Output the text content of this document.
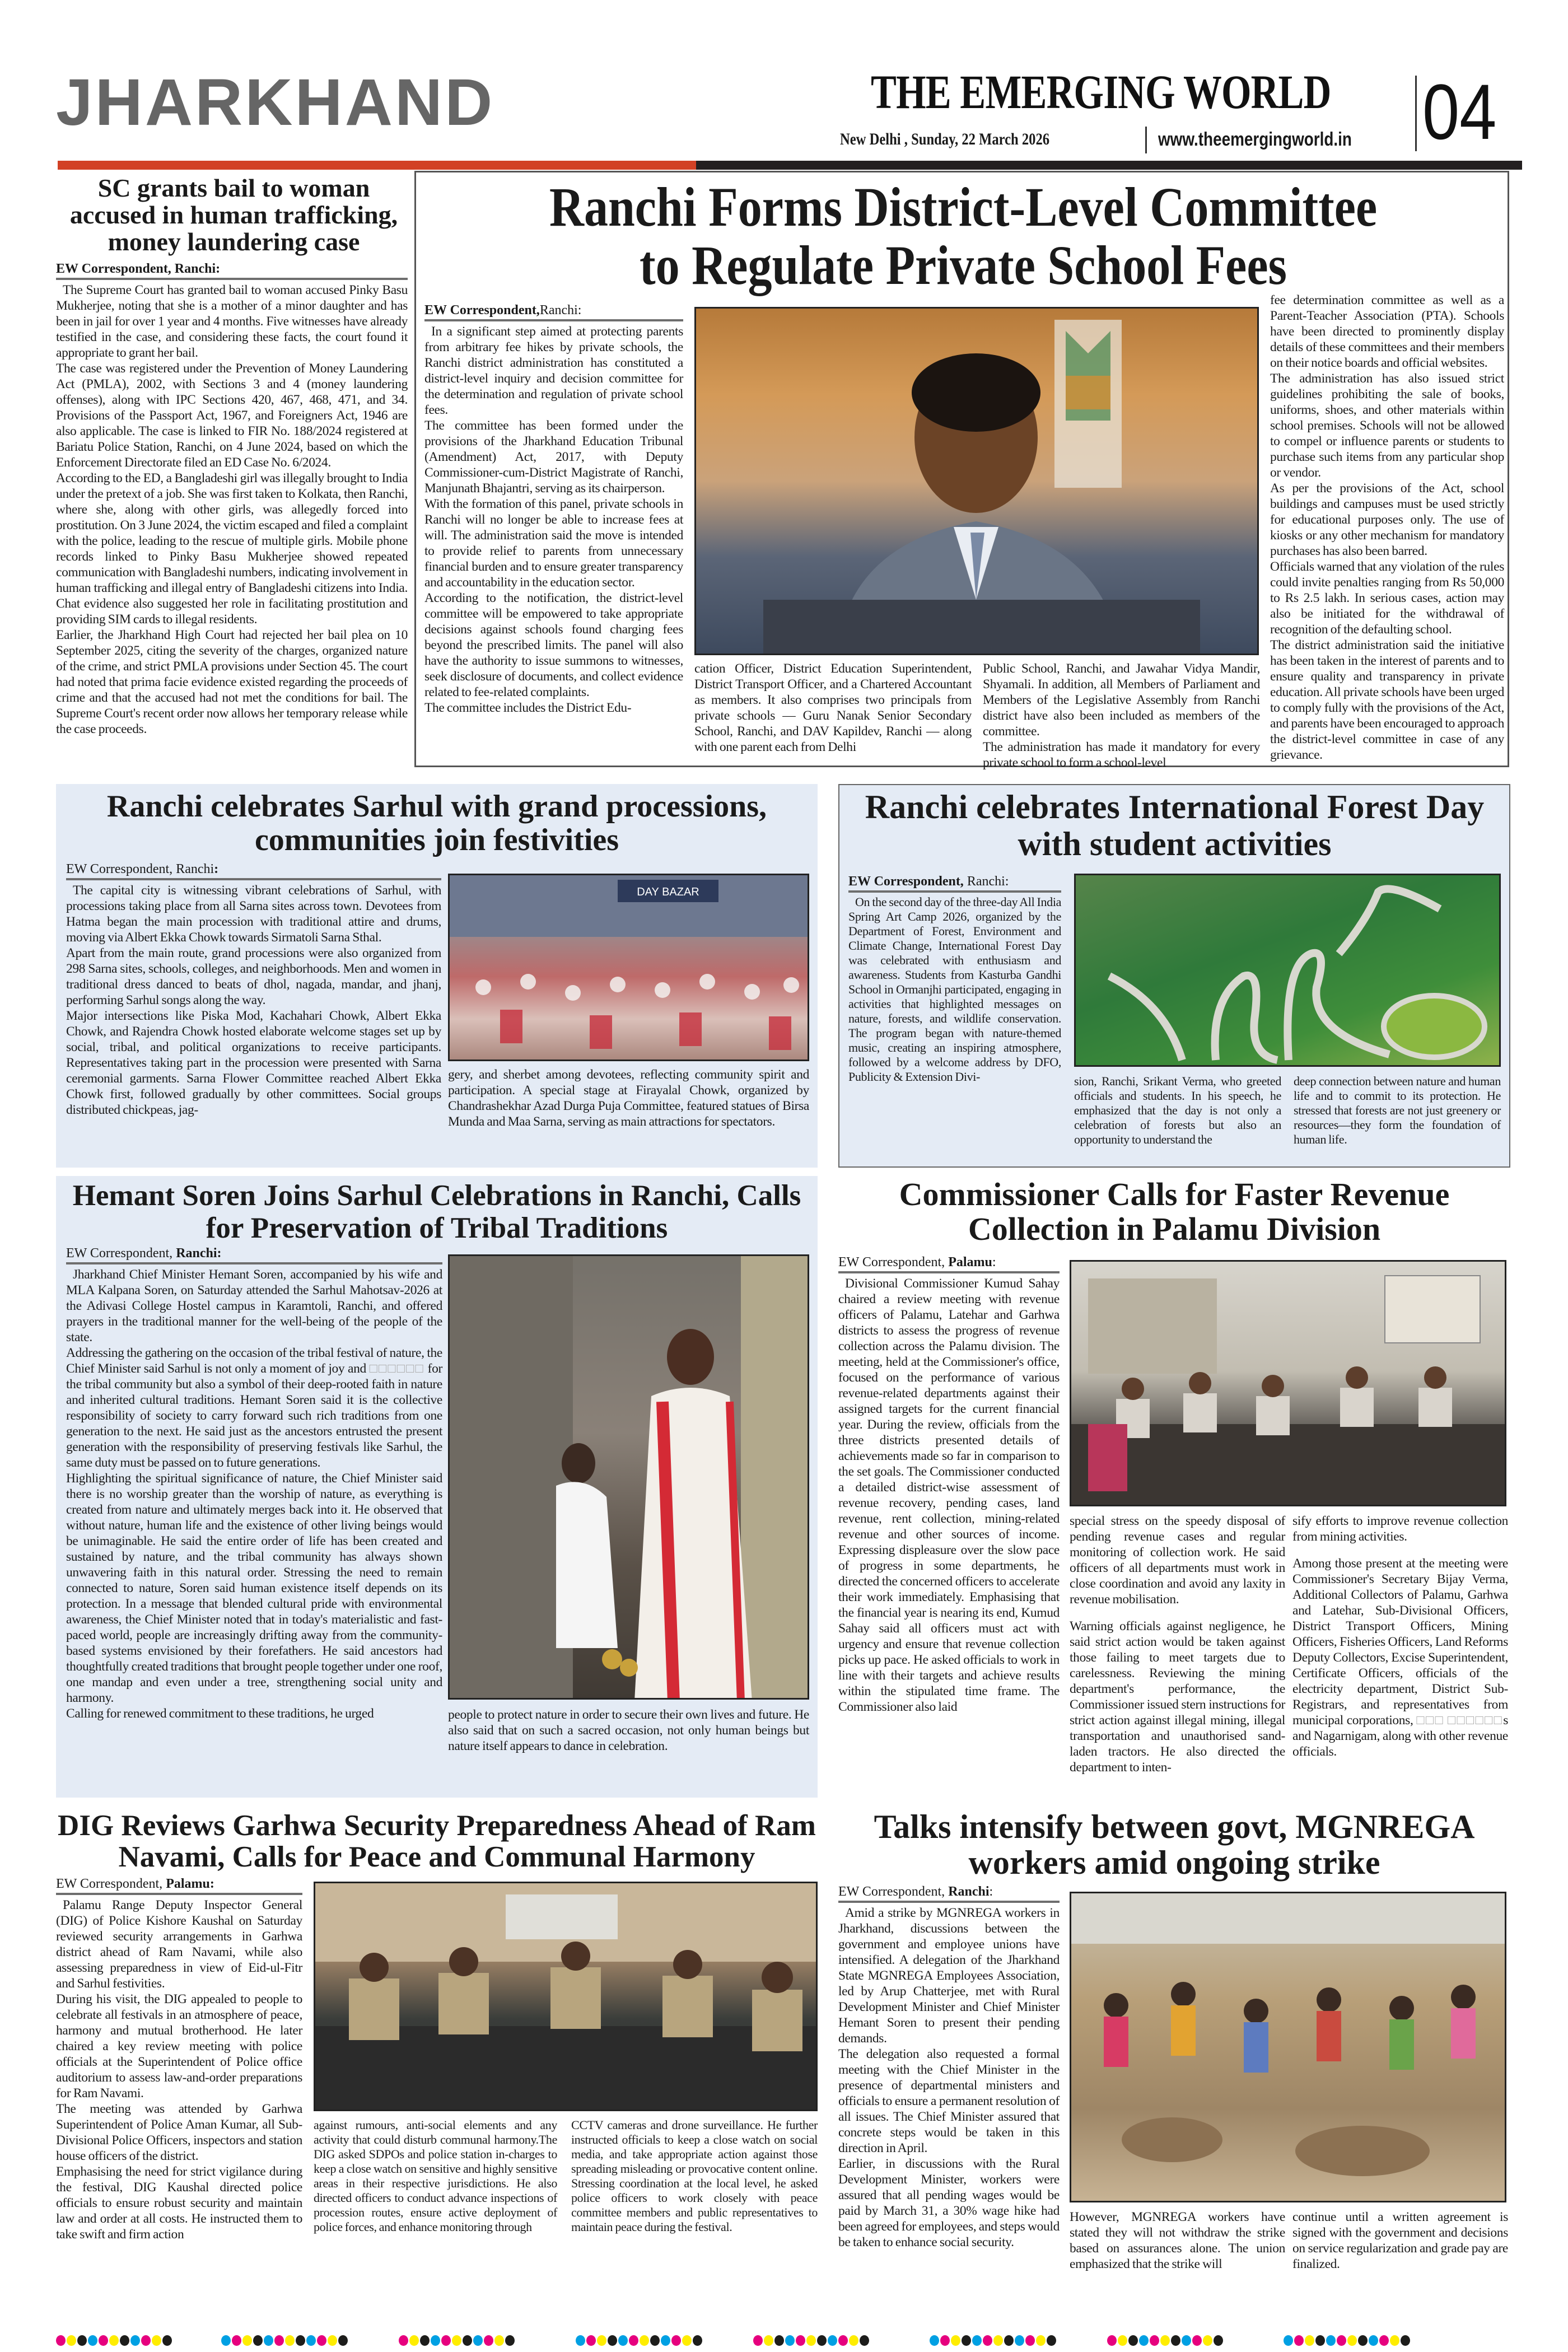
JHARKHAND	THE EMERGING WORLD
New Delhi , Sunday, 22 March 2026	www.theemergingworld.in 04
SC grants bail to woman accused in human trafficking, money laundering case
EW Correspondent, Ranchi:

The Supreme Court has granted bail to woman accused Pinky Basu Mukherjee, noting that she is a mother of a minor daughter and has been in jail for over 1 year and 4 months. Five witnesses have already testified in the case, and considering these facts, the court found it appropriate to grant her bail.

The case was registered under the Prevention of Money Laundering Act (PMLA), 2002, with Sections 3 and 4 (money laundering offenses), along with IPC Sections 420, 467, 468, 471, and 34. Provisions of the Passport Act, 1967, and Foreigners Act, 1946 are also applicable. The case is linked to FIR No. 188/2024 registered at Bariatu Police Station, Ranchi, on 4 June 2024, based on which the Enforcement Directorate filed an ED Case No. 6/2024.

According to the ED, a Bangladeshi girl was illegally brought to India under the pretext of a job. She was first taken to Kolkata, then Ranchi, where she, along with other girls, was allegedly forced into prostitution. On 3 June 2024, the victim escaped and filed a complaint with the police, leading to the rescue of multiple girls. Mobile phone records linked to Pinky Basu Mukherjee showed repeated communication with Bangladeshi numbers, indicating involvement in human trafficking and illegal entry of Bangladeshi citizens into India. Chat evidence also suggested her role in facilitating prostitution and providing SIM cards to illegal residents.

Earlier, the Jharkhand High Court had rejected her bail plea on 10 September 2025, citing the severity of the charges, organized nature of the crime, and strict PMLA provisions under Section 45. The court had noted that prima facie evidence existed regarding the proceeds of crime and that the accused had not met the conditions for bail. The Supreme Court's recent order now allows her temporary release while the case proceeds.

Ranchi Forms District-Level Committee
to Regulate Private School Fees
EW Correspondent,Ranchi:

In a significant step aimed at protecting parents from arbitrary fee hikes by private schools, the Ranchi district administration has constituted a district-level inquiry and decision committee for the determination and regulation of private school fees.

The committee has been formed under the provisions of the Jharkhand Education Tribunal (Amendment) Act, 2017, with Deputy Commissioner-cum-District Magistrate of Ranchi, Manjunath Bhajantri, serving as its chairperson.

With the formation of this panel, private schools in Ranchi will no longer be able to increase fees at will. The administration said the move is intended to provide relief to parents from unnecessary financial burden and to ensure greater transparency and accountability in the education sector.

According to the notification, the district-level committee will be empowered to take appropriate decisions against schools found charging fees beyond the prescribed limits. The panel will also have the authority to issue summons to witnesses, seek disclosure of documents, and collect evidence related to fee-related complaints.

The committee includes the District Edu-

cation Officer, District Education Superintendent, District Transport Officer, and a Chartered Accountant as members. It also comprises two principals from private schools — Guru Nanak Senior Secondary School, Ranchi, and DAV Kapildev, Ranchi — along with one parent each from Delhi

Public School, Ranchi, and Jawahar Vidya Mandir, Shyamali. In addition, all Members of Parliament and Members of the Legislative Assembly from Ranchi district have also been included as members of the committee.

The administration has made it mandatory for every private school to form a school-level

fee determination committee as well as a Parent-Teacher Association (PTA). Schools have been directed to prominently display details of these committees and their members on their notice boards and official websites.

The administration has also issued strict guidelines prohibiting the sale of books, uniforms, shoes, and other materials within school premises. Schools will not be allowed to compel or influence parents or students to purchase such items from any particular shop or vendor.

As per the provisions of the Act, school buildings and campuses must be used strictly for educational purposes only. The use of kiosks or any other mechanism for mandatory purchases has also been barred.

Officials warned that any violation of the rules could invite penalties ranging from Rs 50,000 to Rs 2.5 lakh. In serious cases, action may also be initiated for the withdrawal of recognition of the defaulting school.

The district administration said the initiative has been taken in the interest of parents and to ensure quality and transparency in private education. All private schools have been urged to comply fully with the provisions of the Act, and parents have been encouraged to approach the district-level committee in case of any grievance.

Ranchi celebrates Sarhul with grand processions, communities join festivities
EW Correspondent, Ranchi:

The capital city is witnessing vibrant celebrations of Sarhul, with processions taking place from all Sarna sites across town. Devotees from Hatma began the main procession with traditional attire and drums, moving via Albert Ekka Chowk towards Sirmatoli Sarna Sthal.

Apart from the main route, grand processions were also organized from 298 Sarna sites, schools, colleges, and neighborhoods. Men and women in traditional dress danced to beats of dhol, nagada, mandar, and jhanj, performing Sarhul songs along the way.

Major intersections like Piska Mod, Kachahari Chowk, Albert Ekka Chowk, and Rajendra Chowk hosted elaborate welcome stages set up by social, tribal, and political organizations to receive participants. Representatives taking part in the procession were presented with Sarna ceremonial garments. Sarna Flower Committee reached Albert Ekka Chowk first, followed gradually by other committees. Social groups distributed chickpeas, jag-

DAY BAZAR

gery, and sherbet among devotees, reflecting community spirit and participation. A special stage at Firayalal Chowk, organized by Chandrashekhar Azad Durga Puja Committee, featured statues of Birsa Munda and Maa Sarna, serving as main attractions for spectators.

Ranchi celebrates International Forest Day with student activities
EW Correspondent, Ranchi:

On the second day of the three-day All India Spring Art Camp 2026, organized by the Department of Forest, Environment and Climate Change, International Forest Day was celebrated with enthusiasm and awareness. Students from Kasturba Gandhi School in Ormanjhi participated, engaging in activities that highlighted messages on nature, forests, and wildlife conservation. The program began with nature-themed music, creating an inspiring atmosphere, followed by a welcome address by DFO, Publicity & Extension Divi-	sion, Ranchi, Srikant Verma, who greeted officials and students. In his speech, he emphasized that the day is not only a celebration of forests but also an opportunity to understand the

deep connection between nature and human life and to commit to its protection. He stressed that forests are not just greenery or resources—they form the foundation of human life.

Hemant Soren Joins Sarhul Celebrations in Ranchi, Calls for Preservation of Tribal Traditions
EW Correspondent, Ranchi:

Jharkhand Chief Minister Hemant Soren, accompanied by his wife and MLA Kalpana Soren, on Saturday attended the Sarhul Mahotsav-2026 at the Adivasi College Hostel campus in Karamtoli, Ranchi, and offered prayers in the traditional manner for the well-being of the people of the state.

Addressing the gathering on the occasion of the tribal festival of nature, the Chief Minister said Sarhul is not only a moment of joy and □□□□□□ for the tribal community but also a symbol of their deep-rooted faith in nature and inherited cultural traditions. Hemant Soren said it is the collective responsibility of society to carry forward such rich traditions from one generation to the next. He said just as the ancestors entrusted the present generation with the responsibility of preserving festivals like Sarhul, the same duty must be passed on to future generations.

Highlighting the spiritual significance of nature, the Chief Minister said there is no worship greater than the worship of nature, as everything is created from nature and ultimately merges back into it. He observed that without nature, human life and the existence of other living beings would be unimaginable. He said the entire order of life has been created and sustained by nature, and the tribal community has always shown unwavering faith in this natural order. Stressing the need to remain connected to nature, Soren said human existence itself depends on its protection. In a message that blended cultural pride with environmental awareness, the Chief Minister noted that in today's materialistic and fast-paced world, people are increasingly drifting away from the community-based systems envisioned by their forefathers. He said ancestors had thoughtfully created traditions that brought people together under one roof, one mandap and even under a tree, strengthening social unity and harmony.

Calling for renewed commitment to these traditions, he urged	people to protect nature in order to secure their own lives and future. He also said that on such a sacred occasion, not only human beings but nature itself appears to dance in celebration.

Commissioner Calls for Faster Revenue Collection in Palamu Division
EW Correspondent, Palamu:

Divisional Commissioner Kumud Sahay chaired a review meeting with revenue officers of Palamu, Latehar and Garhwa districts to assess the progress of revenue collection across the Palamu division. The meeting, held at the Commissioner's office, focused on the performance of various revenue-related departments against their assigned targets for the current financial year. During the review, officials from the three districts presented details of achievements made so far in comparison to the set goals. The Commissioner conducted a detailed district-wise assessment of revenue recovery, pending cases, land revenue, rent collection, mining-related revenue and other sources of income. Expressing displeasure over the slow pace of progress in some departments, he directed the concerned officers to accelerate their work immediately. Emphasising that the financial year is nearing its end, Kumud Sahay said all officers must act with urgency and ensure that revenue collection picks up pace. He asked officials to work in line with their targets and achieve results within the stipulated time frame. The Commissioner also laid

special stress on the speedy disposal of pending revenue cases and regular monitoring of collection work. He said officers of all departments must work in close coordination and avoid any laxity in revenue mobilisation.

Warning officials against negligence, he said strict action would be taken against those failing to meet targets due to carelessness. Reviewing the mining department's performance, the Commissioner issued stern instructions for strict action against illegal mining, illegal transportation and unauthorised sand-laden tractors. He also directed the department to inten-

sify efforts to improve revenue collection from mining activities.

Among those present at the meeting were Commissioner's Secretary Bijay Verma, Additional Collectors of Palamu, Garhwa and Latehar, Sub-Divisional Officers, District Transport Officers, Mining Officers, Fisheries Officers, Land Reforms Deputy Collectors, Excise Superintendent, Certificate Officers, officials of the electricity department, District Sub-Registrars, and representatives from municipal corporations, □□□ □□□□□□s and Nagarnigam, along with other revenue officials.

DIG Reviews Garhwa Security Preparedness Ahead of Ram Navami, Calls for Peace and Communal Harmony
EW Correspondent, Palamu:

Palamu Range Deputy Inspector General (DIG) of Police Kishore Kaushal on Saturday reviewed security arrangements in Garhwa district ahead of Ram Navami, while also assessing preparedness in view of Eid-ul-Fitr and Sarhul festivities.

During his visit, the DIG appealed to people to celebrate all festivals in an atmosphere of peace, harmony and mutual brotherhood. He later chaired a key review meeting with police officials at the Superintendent of Police office auditorium to assess law-and-order preparations for Ram Navami.

The meeting was attended by Garhwa Superintendent of Police Aman Kumar, all Sub-Divisional Police Officers, inspectors and station house officers of the district.

Emphasising the need for strict vigilance during the festival, DIG Kaushal directed police officials to ensure robust security and maintain law and order at all costs. He instructed them to take swift and firm action

against rumours, anti-social elements and any activity that could disturb communal harmony.The DIG asked SDPOs and police station in-charges to keep a close watch on sensitive and highly sensitive areas in their respective jurisdictions. He also directed officers to conduct advance inspections of procession routes, ensure active deployment of police forces, and enhance monitoring through

CCTV cameras and drone surveillance. He further instructed officials to keep a close watch on social media, and take appropriate action against those spreading misleading or provocative content online. Stressing coordination at the local level, he asked police officers to work closely with peace committee members and public representatives to maintain peace during the festival.

Talks intensify between govt, MGNREGA workers amid ongoing strike
EW Correspondent, Ranchi:

Amid a strike by MGNREGA workers in Jharkhand, discussions between the government and employee unions have intensified. A delegation of the Jharkhand State MGNREGA Employees Association, led by Arup Chatterjee, met with Rural Development Minister and Chief Minister Hemant Soren to present their pending demands.

The delegation also requested a formal meeting with the Chief Minister in the presence of departmental ministers and officials to ensure a permanent resolution of all issues. The Chief Minister assured that concrete steps would be taken in this direction in April.

Earlier, in discussions with the Rural Development Minister, workers were assured that all pending wages would be paid by March 31, a 30% wage hike had been agreed for employees, and steps would be taken to enhance social security.

However, MGNREGA workers have stated they will not withdraw the strike based on assurances alone. The union emphasized that the strike will

continue until a written agreement is signed with the government and decisions on service regularization and grade pay are finalized.
